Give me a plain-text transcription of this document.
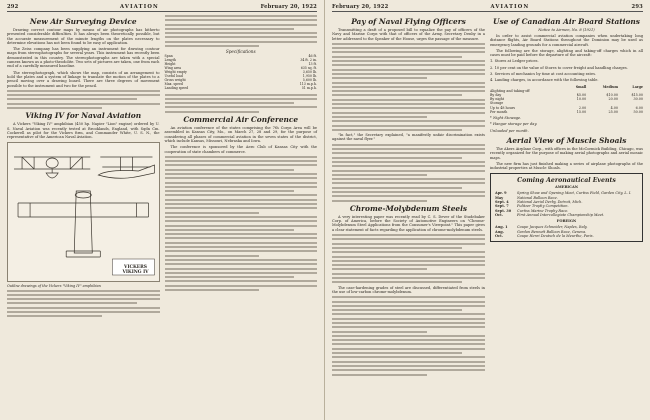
292	AVIATION	February 20, 1922
New Air Surveying Device

Drawing correct contour maps by means of air photographs has hitherto presented considerable difficulties. It has always been theoretically possible, but the accurate measurement of the minute lengths on the plates necessary to determine elevations has not been found to be easy of application.

The Zeiss company has been supplying an instrument for drawing contour maps from stereophotographs for several years. This instrument has recently been demonstrated in this country. The stereophotographs are taken with a special camera known as a photo-theodolite. Two sets of pictures are taken, one from each end of a carefully measured baseline.

The stereophotograph, which shows the map, consists of an arrangement to hold the plates and a system of linkage to translate the motion of the plates to a pencil moving over a drawing board. There are three degrees of movement possible to the instrument and two for the pencil.

Viking IV for Naval Aviation

A Vickers "Viking IV" amphibian (450 hp. Napier "Lion" engine) ordered by U. S. Naval Aviation was recently tested at Brooklands, England, with Sqdn Cm. Cockerell as pilot for the Vickers firm, and Commander White, U. S. N., the representative of the American Naval Aviation.

VICKERS VIKING IV
Outline drawings of the Vickers "Viking IV" amphibian
Specifications
Span	46 ft.
Length	34 ft. 2 in.
Height	13 ft.
Wing area	635 sq. ft.
Weight empty	3,650 lb.
Useful load	1,950 lb.
Gross weight	5,600 lb.
Max. speed	113 m.p.h.
Landing speed	51 m.p.h.
Commercial Air Conference

An aviation conference of the states comprising the 7th Corps Area will be assembled in Kansas City, Mo., on March 27, 28 and 29, for the purpose of considering all phases of commercial aviation in the seven states of the district, which include Kansas, Missouri, Nebraska and Iowa.

The conference is sponsored by the Aero Club of Kansas City with the cooperation of state chambers of commerce.

February 20, 1922	AVIATION	293
Pay of Naval Flying Officers

Transmitting a draft of a proposed bill to equalize the pay of officers of the Navy and Marine Corps with that of officers of the Army, Secretary Denby in a letter addressed to the Speaker of the House, urges the passage of the measure.

"In fact," the Secretary explained, "a manifestly unfair discrimination exists against the naval flyer."

Chrome-Molybdenum Steels

A very interesting paper was recently read by C. S. Dever of the Studebaker Corp. of America, before the Society of Automotive Engineers on "Chrome-Molybdenum Steel Applications from the Consumer's Viewpoint." This paper gives a clear statement of facts regarding the application of chrome-molybdenum steels.

The case-hardening grades of steel are discussed, differentiated from steels in the use of low-carbon chrome-molybdenum.

Use of Canadian Air Board Stations
Notice to Airmen, No. 8 (1921)

In order to assist commercial aviation companies when undertaking long distance flights, Air Board Stations throughout the Dominion may be used as emergency landing grounds for a commercial aircraft.

The following are the storage, alighting and taking-off charges which in all cases must be paid before the departure of the aircraft:

1. Stores at Ledger prices.

2. 10 per cent on the value of Stores to cover freight and handling charges.

3. Services of mechanics by time at cost accounting rates.

4. Landing charges, in accordance with the following table.

	Small	Medium	Large
Alighting and taking-off			
By day	$5.00	$10.00	$15.00
By night	10.00	20.00	30.00
Storage			
Up to 48 hours	2.00	4.00	6.00
Per month	15.00	25.00	50.00

* Night Stowage.

* Hangar storage per day.

Unloaded per month.

Aerial View of Muscle Shoals

The Akers Airplane Corp., with offices in the McCormick Building, Chicago, was recently organized for the purpose of making aerial photographs and aerial mosaic maps.

The new firm has just finished making a series of airplane photographs of the industrial properties at Muscle Shoals.

Coming Aeronautical Events
AMERICAN
Apr. 9	Spring Show and Opening Meet, Curtiss Field, Garden City, L. I.
May	National Balloon Race.
Sept. 4	National Aerial Derby, Detroit, Mich.
Sept. 7	Pulitzer Trophy Competition.
Sept. 30	Curtiss Marine Trophy Race.
Oct.	First Annual Intercollegiate Championship Meet.
FOREIGN
Aug. 1	Coupe Jacques Schneider, Naples, Italy.
Aug.	Gordon Bennett Balloon Race, Geneva.
Oct.	Coupe Henri Deutsch de la Meurthe, Paris.
